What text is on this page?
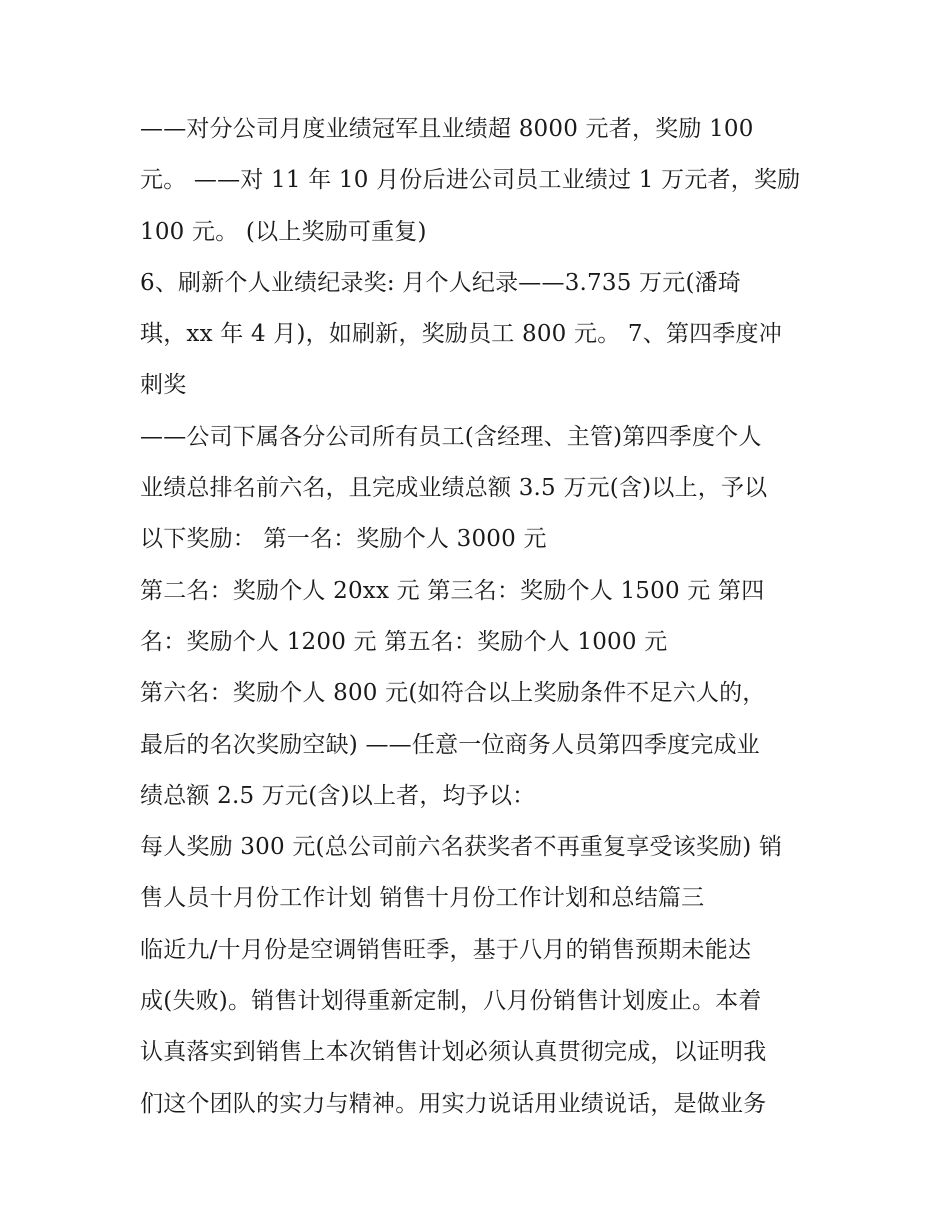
——对分公司月度业绩冠军且业绩超 8000 元者，奖励 100
元。 ——对 11 年 10 月份后进公司员工业绩过 1 万元者，奖励
100 元。 (以上奖励可重复)
6、刷新个人业绩纪录奖: 月个人纪录——3.735 万元(潘琦
琪，xx 年 4 月)，如刷新，奖励员工 800 元。 7、第四季度冲
刺奖
——公司下属各分公司所有员工(含经理、主管)第四季度个人
业绩总排名前六名，且完成业绩总额 3.5 万元(含)以上，予以
以下奖励： 第一名：奖励个人 3000 元
第二名：奖励个人 20xx 元 第三名：奖励个人 1500 元 第四
名：奖励个人 1200 元 第五名：奖励个人 1000 元
第六名：奖励个人 800 元(如符合以上奖励条件不足六人的，
最后的名次奖励空缺) ——任意一位商务人员第四季度完成业
绩总额 2.5 万元(含)以上者，均予以：
每人奖励 300 元(总公司前六名获奖者不再重复享受该奖励) 销
售人员十月份工作计划 销售十月份工作计划和总结篇三
临近九/十月份是空调销售旺季，基于八月的销售预期未能达
成(失败)。销售计划得重新定制，八月份销售计划废止。本着
认真落实到销售上本次销售计划必须认真贯彻完成，以证明我
们这个团队的实力与精神。用实力说话用业绩说话，是做业务
